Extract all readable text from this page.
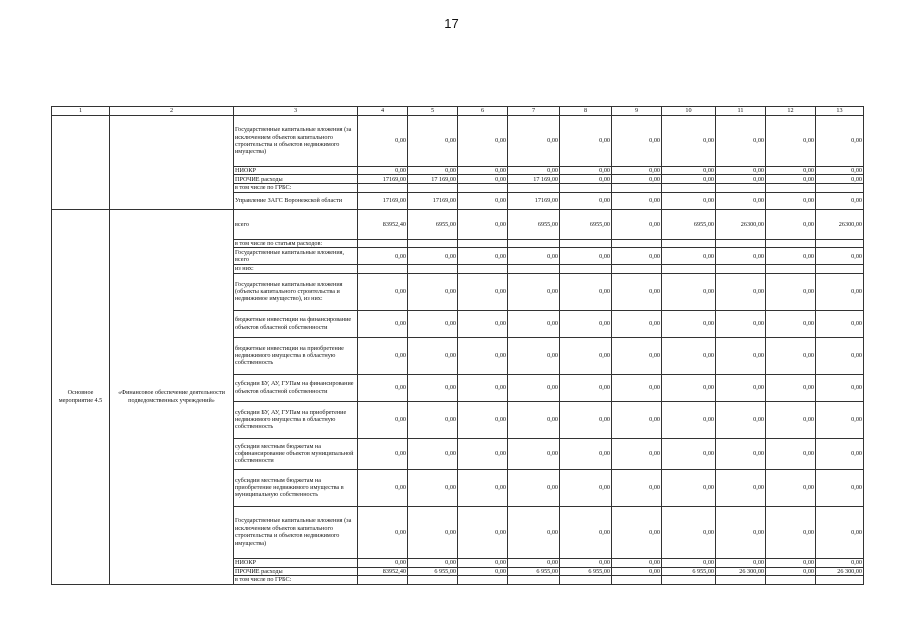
17
1	2	3	4	5	6	7	8	9	10	11	12	13
		Государственные капитальные вложения (за исключением объектов капитального строительства и объектов недвижимого имущества)	0,00	0,00	0,00	0,00	0,00	0,00	0,00	0,00	0,00	0,00
		НИОКР	0,00	0,00	0,00	0,00	0,00	0,00	0,00	0,00	0,00	0,00
		ПРОЧИЕ расходы	17169,00	17 169,00	0,00	17 169,00	0,00	0,00	0,00	0,00	0,00	0,00
		в том числе по ГРБС:										
		Управление ЗАГС Воронежской области	17169,00	17169,00	0,00	17169,00	0,00	0,00	0,00	0,00	0,00	0,00
Основное мероприятие 4.5	«Финансовое обеспечение деятельности подведомственных учреждений»	всего	83952,40	6955,00	0,00	6955,00	6955,00	0,00	6955,00	26300,00	0,00	26300,00
		в том числе по статьям расходов:										
		Государственные капитальные вложения, всего	0,00	0,00	0,00	0,00	0,00	0,00	0,00	0,00	0,00	0,00
		из них:										
		Государственные капитальные вложения (объекты капитального строительства и недвижимое имущество), из них:	0,00	0,00	0,00	0,00	0,00	0,00	0,00	0,00	0,00	0,00
		бюджетные инвестиции на финансирование объектов областной собственности	0,00	0,00	0,00	0,00	0,00	0,00	0,00	0,00	0,00	0,00
		бюджетные инвестиции на приобретение недвижимого имущества в областную собственность	0,00	0,00	0,00	0,00	0,00	0,00	0,00	0,00	0,00	0,00
		субсидии БУ, АУ, ГУПам на финансирование объектов областной собственности	0,00	0,00	0,00	0,00	0,00	0,00	0,00	0,00	0,00	0,00
		субсидии БУ, АУ, ГУПам на приобретение недвижимого имущества в областную собственность	0,00	0,00	0,00	0,00	0,00	0,00	0,00	0,00	0,00	0,00
		субсидии местным бюджетам на софинансирование объектов муниципальной собственности	0,00	0,00	0,00	0,00	0,00	0,00	0,00	0,00	0,00	0,00
		субсидии местным бюджетам на приобретение недвижимого имущества в муниципальную собственность	0,00	0,00	0,00	0,00	0,00	0,00	0,00	0,00	0,00	0,00
		Государственные капитальные вложения (за исключением объектов капитального строительства и объектов недвижимого имущества)	0,00	0,00	0,00	0,00	0,00	0,00	0,00	0,00	0,00	0,00
		НИОКР	0,00	0,00	0,00	0,00	0,00	0,00	0,00	0,00	0,00	0,00
		ПРОЧИЕ расходы	83952,40	6 955,00	0,00	6 955,00	6 955,00	0,00	6 955,00	26 300,00	0,00	26 300,00
		в том числе по ГРБС:										
